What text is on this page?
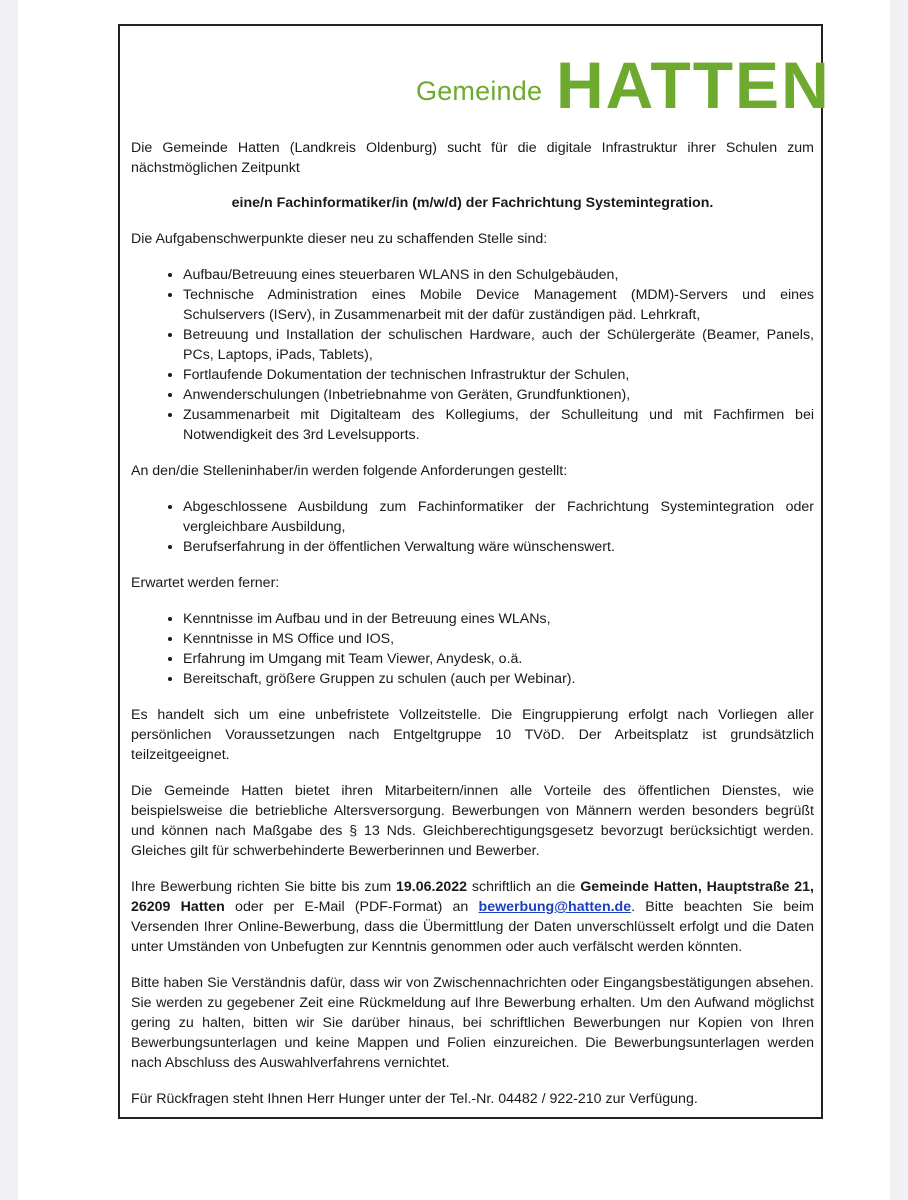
Gemeinde HATTEN

Die Gemeinde Hatten (Landkreis Oldenburg) sucht für die digitale Infrastruktur ihrer Schulen zum nächstmöglichen Zeitpunkt

eine/n Fachinformatiker/in (m/w/d) der Fachrichtung Systemintegration.

Die Aufgabenschwerpunkte dieser neu zu schaffenden Stelle sind:

• Aufbau/Betreuung eines steuerbaren WLANS in den Schulgebäuden,
• Technische Administration eines Mobile Device Management (MDM)-Servers und eines Schulservers (IServ), in Zusammenarbeit mit der dafür zuständigen päd. Lehrkraft,
• Betreuung und Installation der schulischen Hardware, auch der Schülergeräte (Beamer, Panels, PCs, Laptops, iPads, Tablets),
• Fortlaufende Dokumentation der technischen Infrastruktur der Schulen,
• Anwenderschulungen (Inbetriebnahme von Geräten, Grundfunktionen),
• Zusammenarbeit mit Digitalteam des Kollegiums, der Schulleitung und mit Fachfirmen bei Notwendigkeit des 3rd Levelsupports.

An den/die Stelleninhaber/in werden folgende Anforderungen gestellt:

• Abgeschlossene Ausbildung zum Fachinformatiker der Fachrichtung Systemintegration oder vergleichbare Ausbildung,
• Berufserfahrung in der öffentlichen Verwaltung wäre wünschenswert.

Erwartet werden ferner:

• Kenntnisse im Aufbau und in der Betreuung eines WLANs,
• Kenntnisse in MS Office und IOS,
• Erfahrung im Umgang mit Team Viewer, Anydesk, o.ä.
• Bereitschaft, größere Gruppen zu schulen (auch per Webinar).

Es handelt sich um eine unbefristete Vollzeitstelle. Die Eingruppierung erfolgt nach Vorliegen aller persönlichen Voraussetzungen nach Entgeltgruppe 10 TVöD. Der Arbeitsplatz ist grundsätzlich teilzeitgeeignet.

Die Gemeinde Hatten bietet ihren Mitarbeitern/innen alle Vorteile des öffentlichen Dienstes, wie beispielsweise die betriebliche Altersversorgung. Bewerbungen von Männern werden besonders begrüßt und können nach Maßgabe des § 13 Nds. Gleichberechtigungsgesetz bevorzugt berücksichtigt werden. Gleiches gilt für schwerbehinderte Bewerberinnen und Bewerber.

Ihre Bewerbung richten Sie bitte bis zum 19.06.2022 schriftlich an die Gemeinde Hatten, Hauptstraße 21, 26209 Hatten oder per E-Mail (PDF-Format) an bewerbung@hatten.de. Bitte beachten Sie beim Versenden Ihrer Online-Bewerbung, dass die Übermittlung der Daten unverschlüsselt erfolgt und die Daten unter Umständen von Unbefugten zur Kenntnis genommen oder auch verfälscht werden könnten.

Bitte haben Sie Verständnis dafür, dass wir von Zwischennachrichten oder Eingangsbestätigungen absehen. Sie werden zu gegebener Zeit eine Rückmeldung auf Ihre Bewerbung erhalten. Um den Aufwand möglichst gering zu halten, bitten wir Sie darüber hinaus, bei schriftlichen Bewerbungen nur Kopien von Ihren Bewerbungsunterlagen und keine Mappen und Folien einzureichen. Die Bewerbungsunterlagen werden nach Abschluss des Auswahlverfahrens vernichtet.

Für Rückfragen steht Ihnen Herr Hunger unter der Tel.-Nr. 04482 / 922-210 zur Verfügung.
